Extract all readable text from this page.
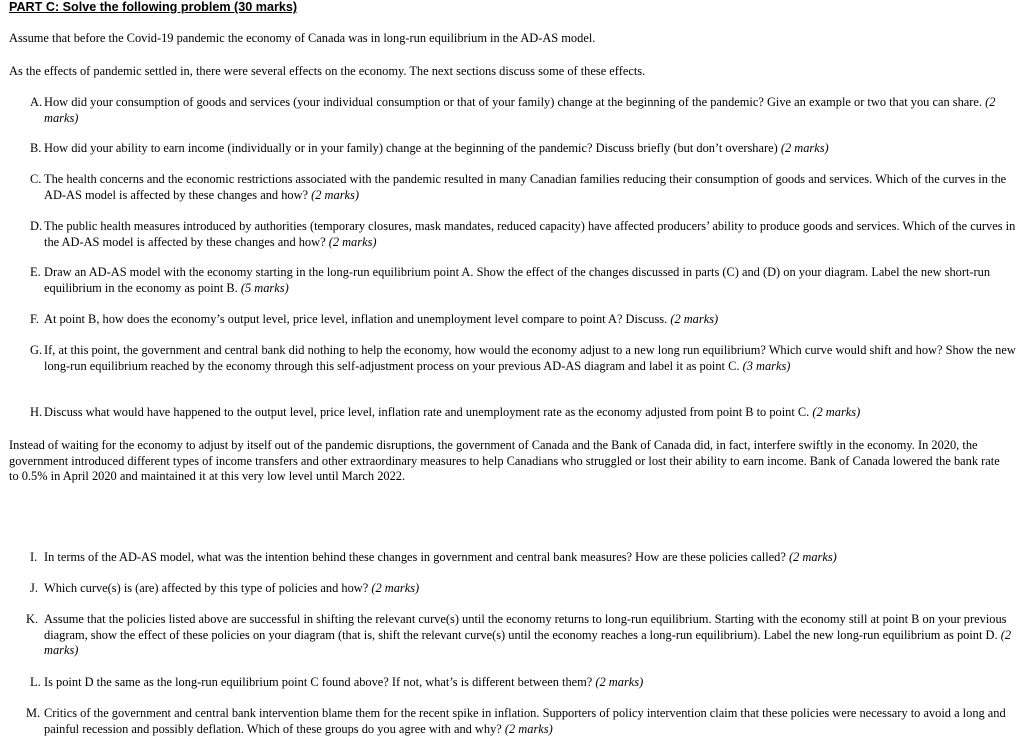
PART C: Solve the following problem (30 marks)
Assume that before the Covid-19 pandemic the economy of Canada was in long-run equilibrium in the AD-AS model.
As the effects of pandemic settled in, there were several effects on the economy. The next sections discuss some of these effects.
A. How did your consumption of goods and services (your individual consumption or that of your family) change at the beginning of the pandemic? Give an example or two that you can share. (2 marks)
B. How did your ability to earn income (individually or in your family) change at the beginning of the pandemic? Discuss briefly (but don’t overshare) (2 marks)
C. The health concerns and the economic restrictions associated with the pandemic resulted in many Canadian families reducing their consumption of goods and services. Which of the curves in the AD-AS model is affected by these changes and how? (2 marks)
D. The public health measures introduced by authorities (temporary closures, mask mandates, reduced capacity) have affected producers’ ability to produce goods and services. Which of the curves in the AD-AS model is affected by these changes and how? (2 marks)
E. Draw an AD-AS model with the economy starting in the long-run equilibrium point A. Show the effect of the changes discussed in parts (C) and (D) on your diagram. Label the new short-run equilibrium in the economy as point B. (5 marks)
F. At point B, how does the economy’s output level, price level, inflation and unemployment level compare to point A? Discuss. (2 marks)
G. If, at this point, the government and central bank did nothing to help the economy, how would the economy adjust to a new long run equilibrium? Which curve would shift and how? Show the new long-run equilibrium reached by the economy through this self-adjustment process on your previous AD-AS diagram and label it as point C. (3 marks)
H. Discuss what would have happened to the output level, price level, inflation rate and unemployment rate as the economy adjusted from point B to point C. (2 marks)
Instead of waiting for the economy to adjust by itself out of the pandemic disruptions, the government of Canada and the Bank of Canada did, in fact, interfere swiftly in the economy. In 2020, the government introduced different types of income transfers and other extraordinary measures to help Canadians who struggled or lost their ability to earn income. Bank of Canada lowered the bank rate to 0.5% in April 2020 and maintained it at this very low level until March 2022.
I. In terms of the AD-AS model, what was the intention behind these changes in government and central bank measures? How are these policies called? (2 marks)
J. Which curve(s) is (are) affected by this type of policies and how? (2 marks)
K. Assume that the policies listed above are successful in shifting the relevant curve(s) until the economy returns to long-run equilibrium. Starting with the economy still at point B on your previous diagram, show the effect of these policies on your diagram (that is, shift the relevant curve(s) until the economy reaches a long-run equilibrium). Label the new long-run equilibrium as point D. (2 marks)
L. Is point D the same as the long-run equilibrium point C found above? If not, what’s is different between them? (2 marks)
M. Critics of the government and central bank intervention blame them for the recent spike in inflation. Supporters of policy intervention claim that these policies were necessary to avoid a long and painful recession and possibly deflation. Which of these groups do you agree with and why? (2 marks)
